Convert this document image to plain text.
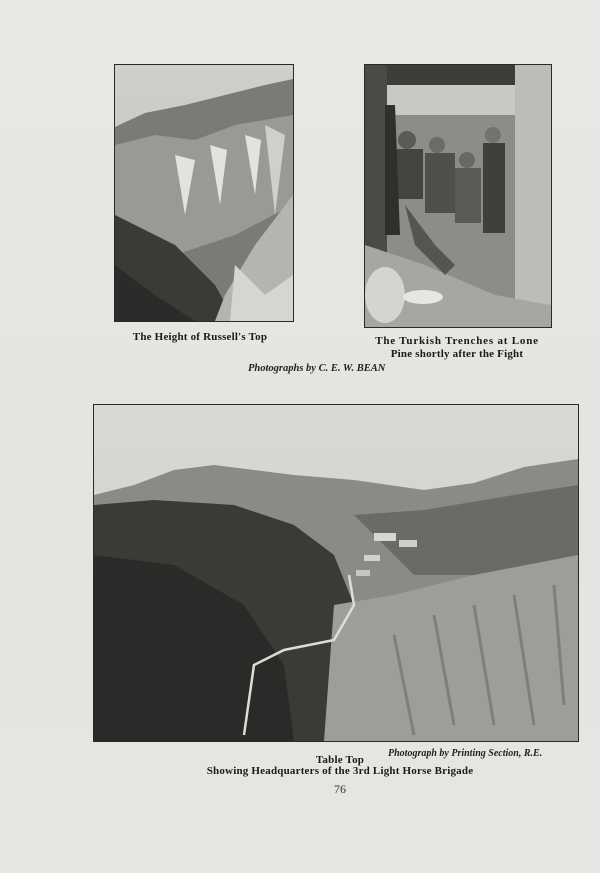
The Height of Russell's Top	The Turkish Trenches at Lone

Pine shortly after the Fight

Photographs by C. E. W. BEAN

Photograph by Printing Section, R.E.

Table Top

Showing Headquarters of the 3rd Light Horse Brigade

76
